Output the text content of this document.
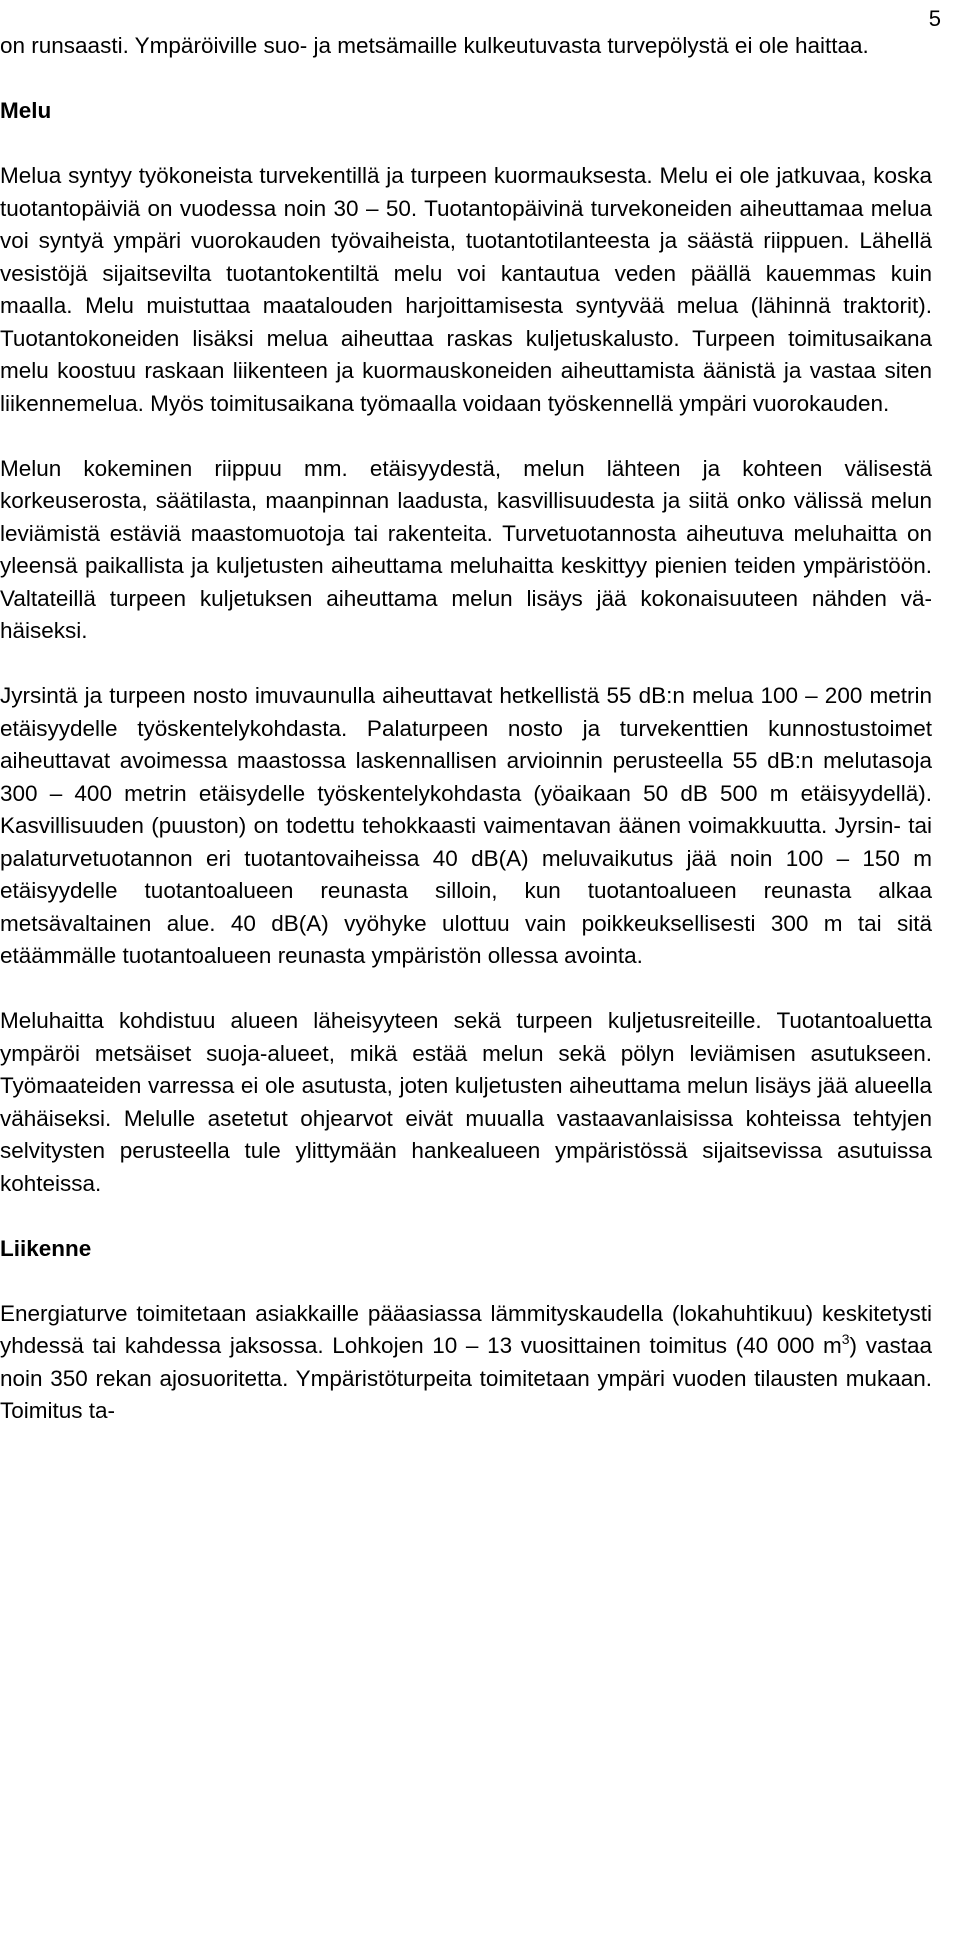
5

on runsaasti. Ympäröiville suo- ja metsämaille kulkeutuvasta turvepölystä ei ole haittaa.

Melu

Melua syntyy työkoneista turvekentillä ja turpeen kuormauksesta. Melu ei ole jatkuvaa, koska tuotantopäiviä on vuodessa noin 30 – 50. Tuotantopäivinä turvekoneiden aiheuttamaa melua voi syntyä ympäri vuorokauden työvaiheista, tuotantotilanteesta ja säästä riippuen. Lähellä vesistöjä sijaitsevilta tuotantokentiltä melu voi kantautua veden päällä kauemmas kuin maalla. Melu muistuttaa maatalouden harjoittamisesta syntyvää melua (lähinnä traktorit). Tuotantokoneiden lisäksi melua aiheuttaa raskas kuljetuskalusto. Turpeen toimitusaikana melu koostuu raskaan liikenteen ja kuormauskoneiden aiheuttamista äänistä ja vastaa siten liikennemelua. Myös toimitusaikana työmaalla voidaan työskennellä ympäri vuorokauden.

Melun kokeminen riippuu mm. etäisyydestä, melun lähteen ja kohteen välisestä korkeuserosta, säätilasta, maanpinnan laadusta, kasvillisuudesta ja siitä onko välissä melun leviämistä estäviä maastomuotoja tai rakenteita. Turvetuotannosta aiheutuva meluhaitta on yleensä paikallista ja kuljetusten aiheuttama meluhaitta keskittyy pienien teiden ympäristöön. Valtateillä turpeen kuljetuksen aiheuttama melun lisäys jää kokonaisuuteen nähden vähäiseksi.

Jyrsintä ja turpeen nosto imuvaunulla aiheuttavat hetkellistä 55 dB:n melua 100 – 200 metrin etäisyydelle työskentelykohdasta. Palaturpeen nosto ja turvekenttien kunnostustoimet aiheuttavat avoimessa maastossa laskennallisen arvioinnin perusteella 55 dB:n melutasoja 300 – 400 metrin etäisydelle työskentelykohdasta (yöaikaan 50 dB 500 m etäisyydellä). Kasvillisuuden (puuston) on todettu tehokkaasti vaimentavan äänen voimakkuutta. Jyrsin- tai palaturvetuotannon eri tuotantovaiheissa 40 dB(A) meluvaikutus jää noin 100 – 150 m etäisyydelle tuotantoalueen reunasta silloin, kun tuotantoalueen reunasta alkaa metsävaltainen alue. 40 dB(A) vyöhyke ulottuu vain poikkeuksellisesti 300 m tai sitä etäämmälle tuotantoalueen reunasta ympäristön ollessa avointa.

Meluhaitta kohdistuu alueen läheisyyteen sekä turpeen kuljetusreiteille. Tuotantoaluetta ympäröi metsäiset suoja-alueet, mikä estää melun sekä pölyn leviämisen asutukseen. Työmaateiden varressa ei ole asutusta, joten kuljetusten aiheuttama melun lisäys jää alueella vähäiseksi. Melulle asetetut ohjearvot eivät muualla vastaavanlaisissa kohteissa tehtyjen selvitysten perusteella tule ylittymään hankealueen ympäristössä sijaitsevissa asutuissa kohteissa.

Liikenne

Energiaturve toimitetaan asiakkaille pääasiassa lämmityskaudella (lokahuhtikuu) keskitetysti yhdessä tai kahdessa jaksossa. Lohkojen 10 – 13 vuosittainen toimitus (40 000 $m^3$) vastaa noin 350 rekan ajosuoritetta. Ympäristöturpeita toimitetaan ympäri vuoden tilausten mukaan. Toimitus ta-
